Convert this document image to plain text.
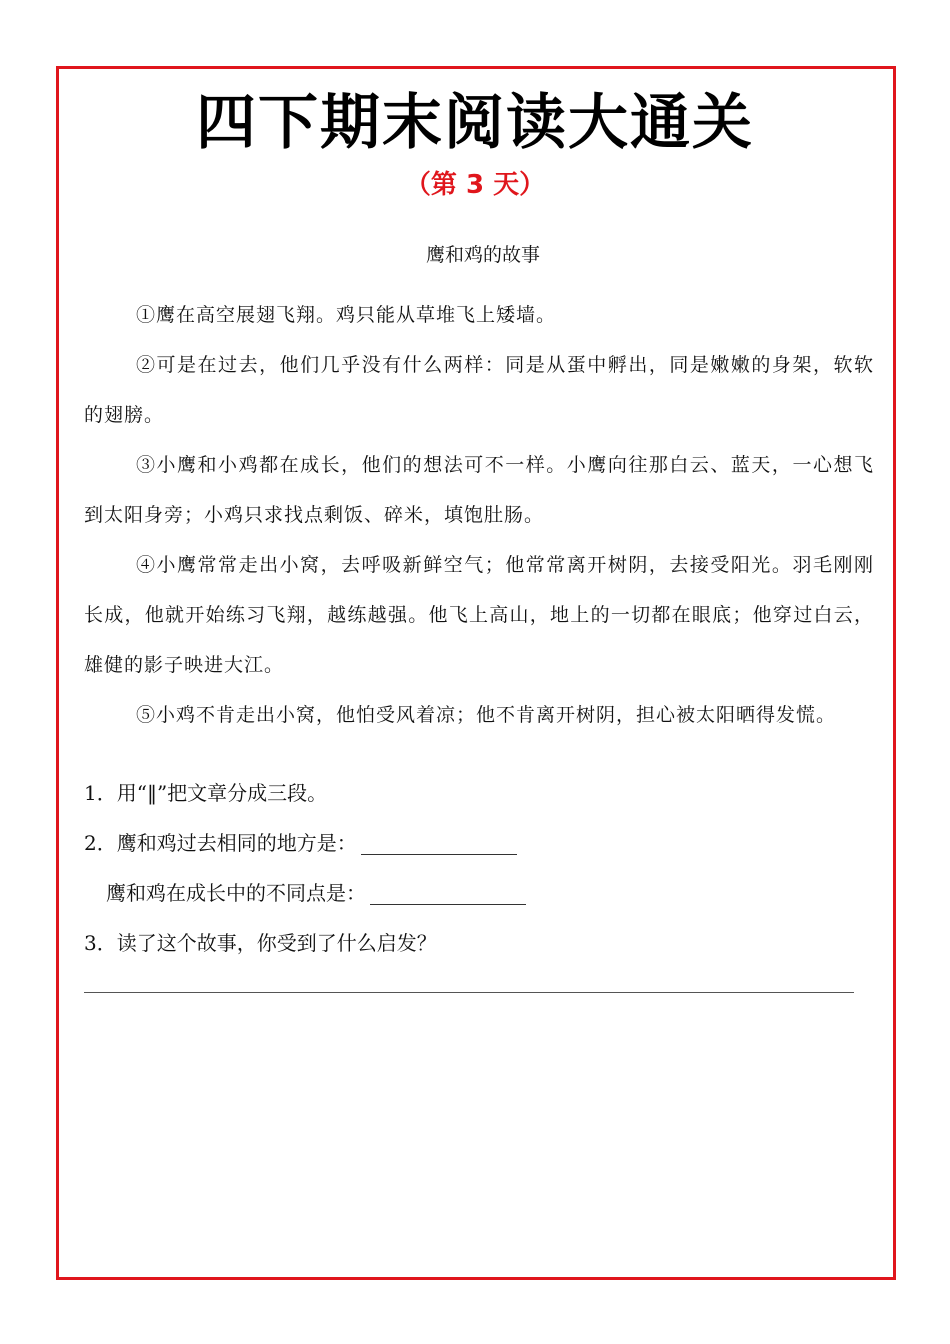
四下期末阅读大通关
（第 3 天）
鹰和鸡的故事

①鹰在高空展翅飞翔。鸡只能从草堆飞上矮墙。

②可是在过去，他们几乎没有什么两样：同是从蛋中孵出，同是嫩嫩的身架，软软的翅膀。

③小鹰和小鸡都在成长，他们的想法可不一样。小鹰向往那白云、蓝天，一心想飞到太阳身旁；小鸡只求找点剩饭、碎米，填饱肚肠。

④小鹰常常走出小窝，去呼吸新鲜空气；他常常离开树阴，去接受阳光。羽毛刚刚长成，他就开始练习飞翔，越练越强。他飞上高山，地上的一切都在眼底；他穿过白云，雄健的影子映进大江。

⑤小鸡不肯走出小窝，他怕受风着凉；他不肯离开树阴，担心被太阳晒得发慌。

1．用“‖”把文章分成三段。
2．鹰和鸡过去相同的地方是：
鹰和鸡在成长中的不同点是：
3．读了这个故事，你受到了什么启发？
